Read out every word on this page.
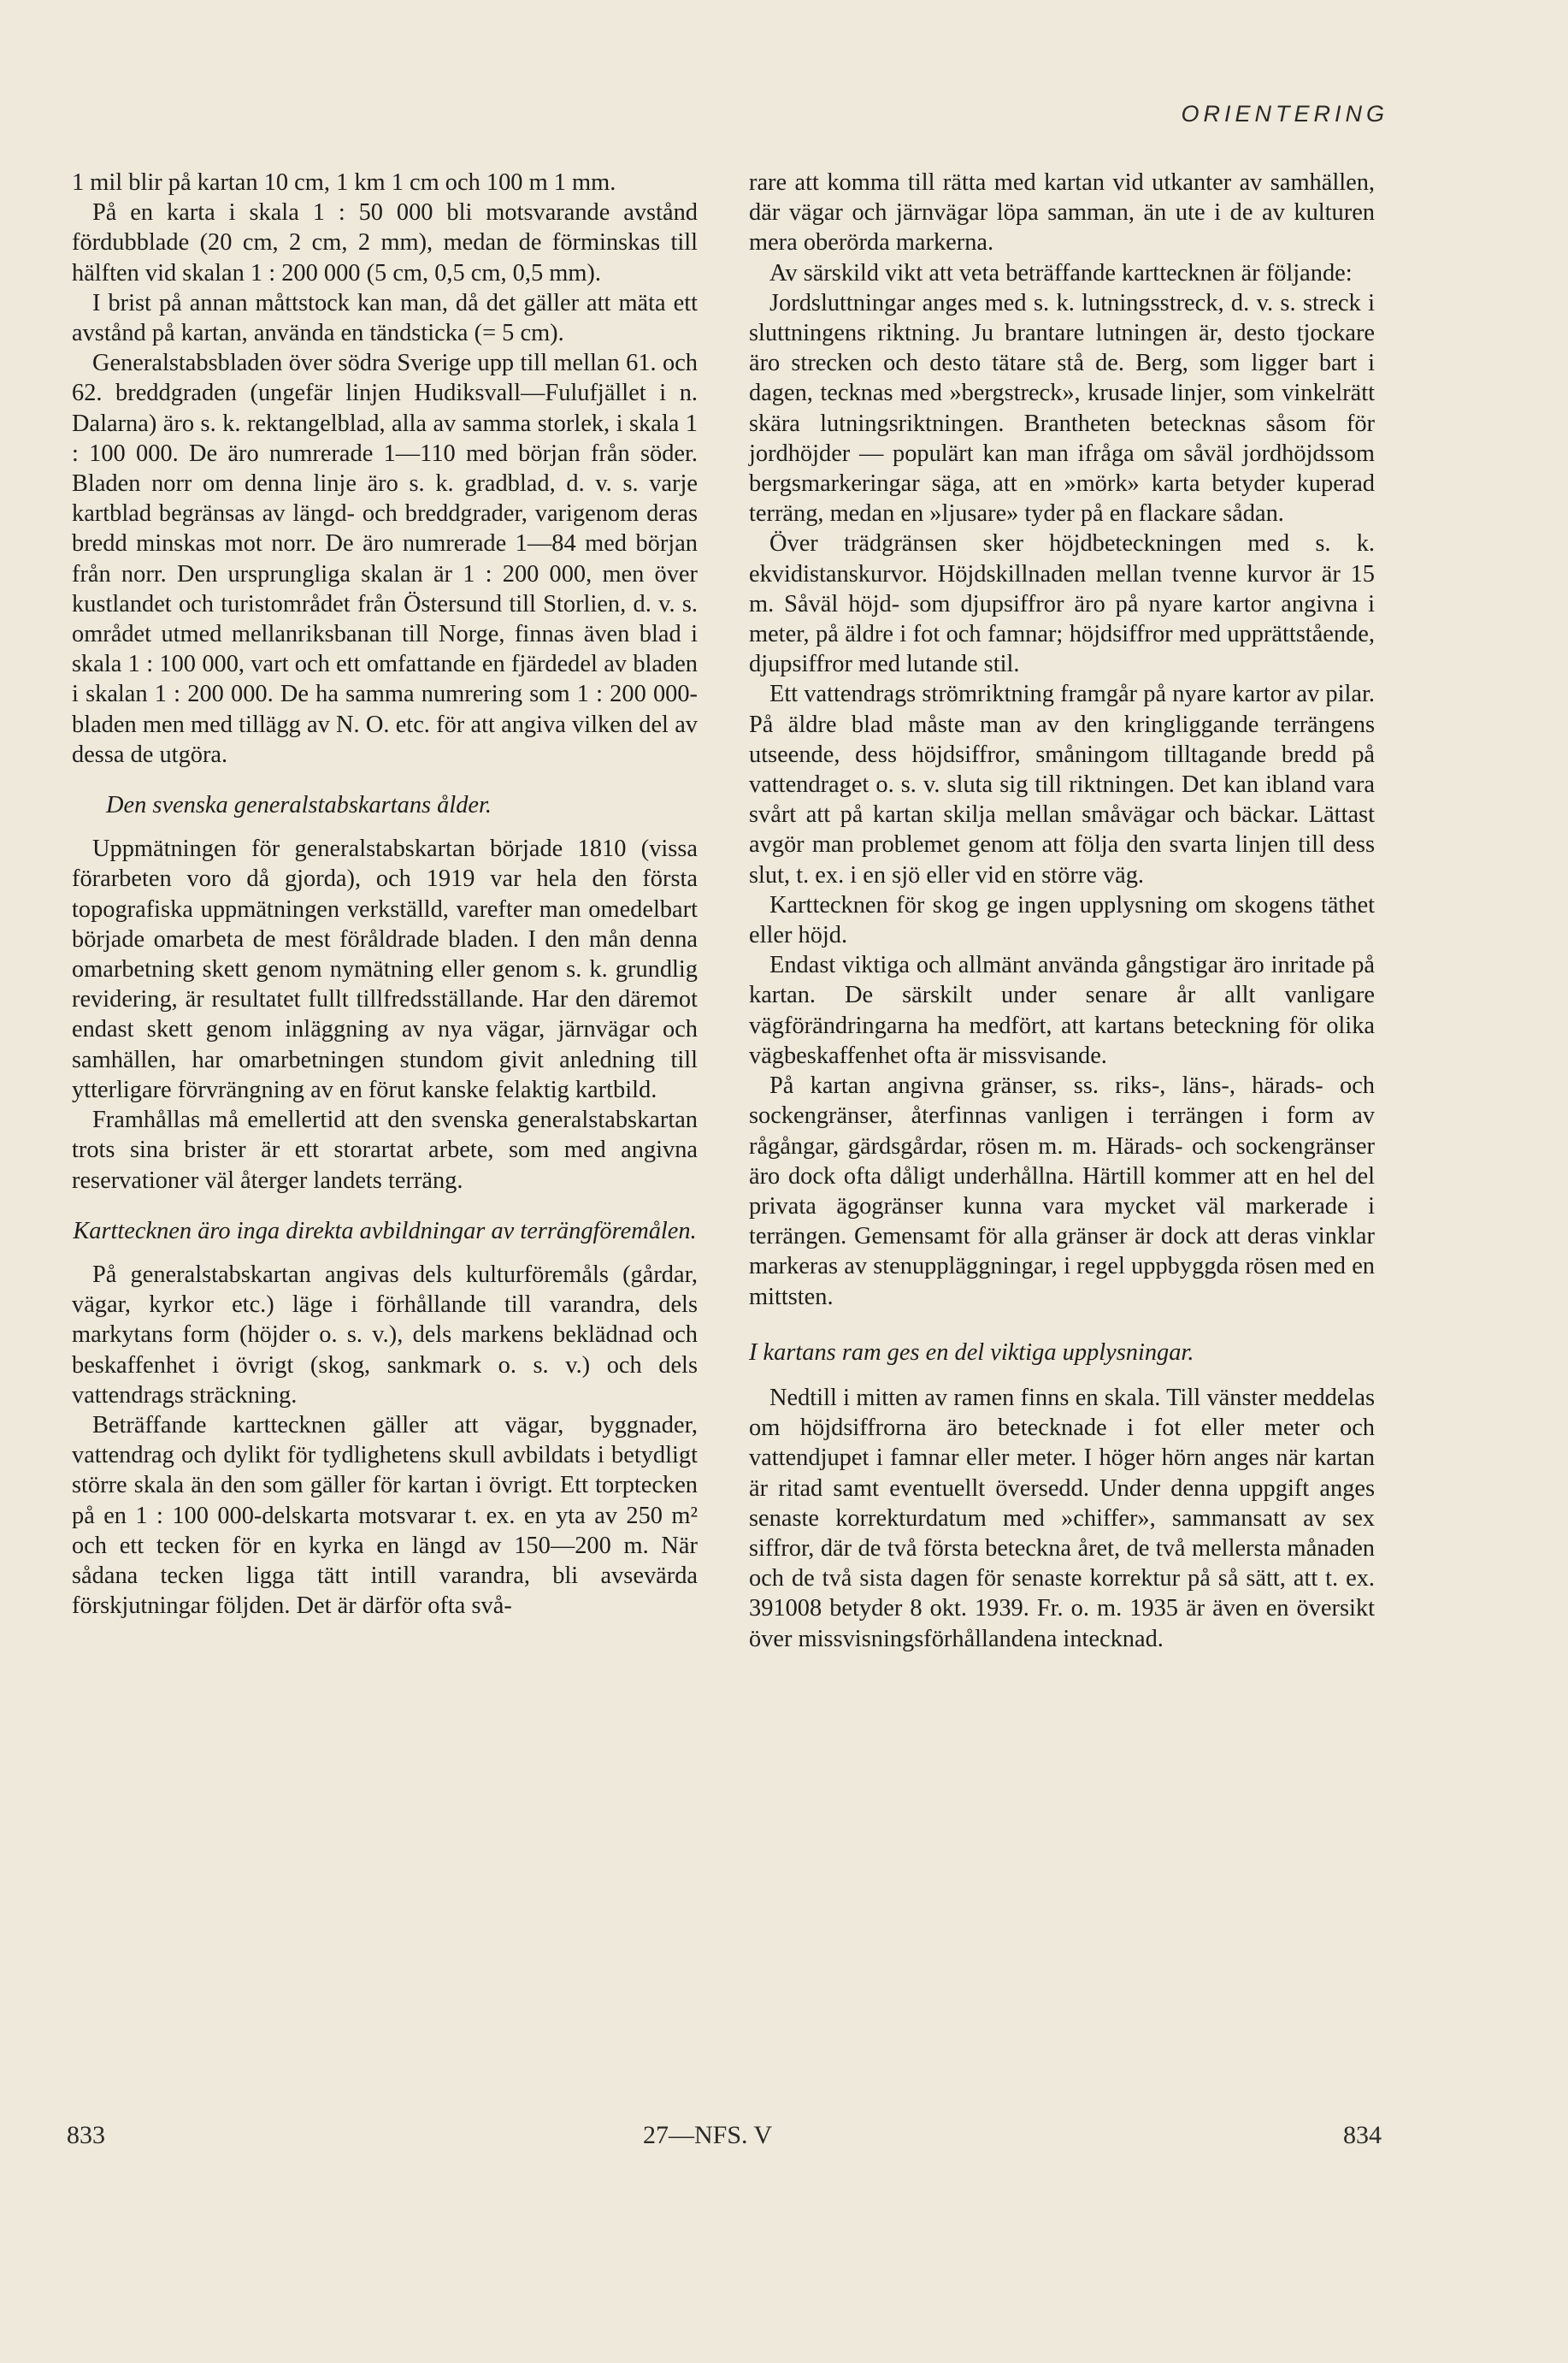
ORIENTERING

1 mil blir på kartan 10 cm, 1 km 1 cm och 100 m 1 mm.

På en karta i skala 1 : 50 000 bli motsvarande avstånd fördubblade (20 cm, 2 cm, 2 mm), medan de förminskas till hälften vid skalan 1 : 200 000 (5 cm, 0,5 cm, 0,5 mm).

I brist på annan måttstock kan man, då det gäller att mäta ett avstånd på kartan, använda en tändsticka (= 5 cm).

Generalstabsbladen över södra Sverige upp till mellan 61. och 62. breddgraden (ungefär linjen Hudiksvall—Fulufjället i n. Dalarna) äro s. k. rektangelblad, alla av samma storlek, i skala 1 : 100 000. De äro numrerade 1—110 med början från söder. Bladen norr om denna linje äro s. k. gradblad, d. v. s. varje kartblad begränsas av längd- och breddgrader, varigenom deras bredd minskas mot norr. De äro numrerade 1—84 med början från norr. Den ursprungliga skalan är 1 : 200 000, men över kustlandet och turistområdet från Östersund till Storlien, d. v. s. området utmed mellanriksbanan till Norge, finnas även blad i skala 1 : 100 000, vart och ett omfattande en fjärdedel av bladen i skalan 1 : 200 000. De ha samma numrering som 1 : 200 000-bladen men med tillägg av N. O. etc. för att angiva vilken del av dessa de utgöra.

Den svenska generalstabskartans ålder.

Uppmätningen för generalstabskartan började 1810 (vissa förarbeten voro då gjorda), och 1919 var hela den första topografiska uppmätningen verkställd, varefter man omedelbart började omarbeta de mest föråldrade bladen. I den mån denna omarbetning skett genom nymätning eller genom s. k. grundlig revidering, är resultatet fullt tillfredsställande. Har den däremot endast skett genom inläggning av nya vägar, järnvägar och samhällen, har omarbetningen stundom givit anledning till ytterligare förvrängning av en förut kanske felaktig kartbild.

Framhållas må emellertid att den svenska generalstabskartan trots sina brister är ett storartat arbete, som med angivna reservationer väl återger landets terräng.

Karttecknen äro inga direkta avbildningar av terrängföremålen.

På generalstabskartan angivas dels kulturföremåls (gårdar, vägar, kyrkor etc.) läge i förhållande till varandra, dels markytans form (höjder o. s. v.), dels markens beklädnad och beskaffenhet i övrigt (skog, sankmark o. s. v.) och dels vattendrags sträckning.

Beträffande karttecknen gäller att vägar, byggnader, vattendrag och dylikt för tydlighetens skull avbildats i betydligt större skala än den som gäller för kartan i övrigt. Ett torptecken på en 1 : 100 000-delskarta motsvarar t. ex. en yta av 250 m² och ett tecken för en kyrka en längd av 150—200 m. När sådana tecken ligga tätt intill varandra, bli avsevärda förskjutningar följden. Det är därför ofta svå-

rare att komma till rätta med kartan vid utkanter av samhällen, där vägar och järnvägar löpa samman, än ute i de av kulturen mera oberörda markerna.

Av särskild vikt att veta beträffande karttecknen är följande:

Jordsluttningar anges med s. k. lutningsstreck, d. v. s. streck i sluttningens riktning. Ju brantare lutningen är, desto tjockare äro strecken och desto tätare stå de. Berg, som ligger bart i dagen, tecknas med »bergstreck», krusade linjer, som vinkelrätt skära lutningsriktningen. Brantheten betecknas såsom för jordhöjder — populärt kan man ifråga om såväl jordhöjdssom bergsmarkeringar säga, att en »mörk» karta betyder kuperad terräng, medan en »ljusare» tyder på en flackare sådan.

Över trädgränsen sker höjdbeteckningen med s. k. ekvidistanskurvor. Höjdskillnaden mellan tvenne kurvor är 15 m. Såväl höjd- som djupsiffror äro på nyare kartor angivna i meter, på äldre i fot och famnar; höjdsiffror med upprättstående, djupsiffror med lutande stil.

Ett vattendrags strömriktning framgår på nyare kartor av pilar. På äldre blad måste man av den kringliggande terrängens utseende, dess höjdsiffror, småningom tilltagande bredd på vattendraget o. s. v. sluta sig till riktningen. Det kan ibland vara svårt att på kartan skilja mellan småvägar och bäckar. Lättast avgör man problemet genom att följa den svarta linjen till dess slut, t. ex. i en sjö eller vid en större väg.

Karttecknen för skog ge ingen upplysning om skogens täthet eller höjd.

Endast viktiga och allmänt använda gångstigar äro inritade på kartan. De särskilt under senare år allt vanligare vägförändringarna ha medfört, att kartans beteckning för olika vägbeskaffenhet ofta är missvisande.

På kartan angivna gränser, ss. riks-, läns-, härads- och sockengränser, återfinnas vanligen i terrängen i form av rågångar, gärdsgårdar, rösen m. m. Härads- och sockengränser äro dock ofta dåligt underhållna. Härtill kommer att en hel del privata ägogränser kunna vara mycket väl markerade i terrängen. Gemensamt för alla gränser är dock att deras vinklar markeras av stenuppläggningar, i regel uppbyggda rösen med en mittsten.

I kartans ram ges en del viktiga upplysningar.

Nedtill i mitten av ramen finns en skala. Till vänster meddelas om höjdsiffrorna äro betecknade i fot eller meter och vattendjupet i famnar eller meter. I höger hörn anges när kartan är ritad samt eventuellt översedd. Under denna uppgift anges senaste korrekturdatum med »chiffer», sammansatt av sex siffror, där de två första beteckna året, de två mellersta månaden och de två sista dagen för senaste korrektur på så sätt, att t. ex. 391008 betyder 8 okt. 1939. Fr. o. m. 1935 är även en översikt över missvisningsförhållandena intecknad.

833	27—NFS. V	834
